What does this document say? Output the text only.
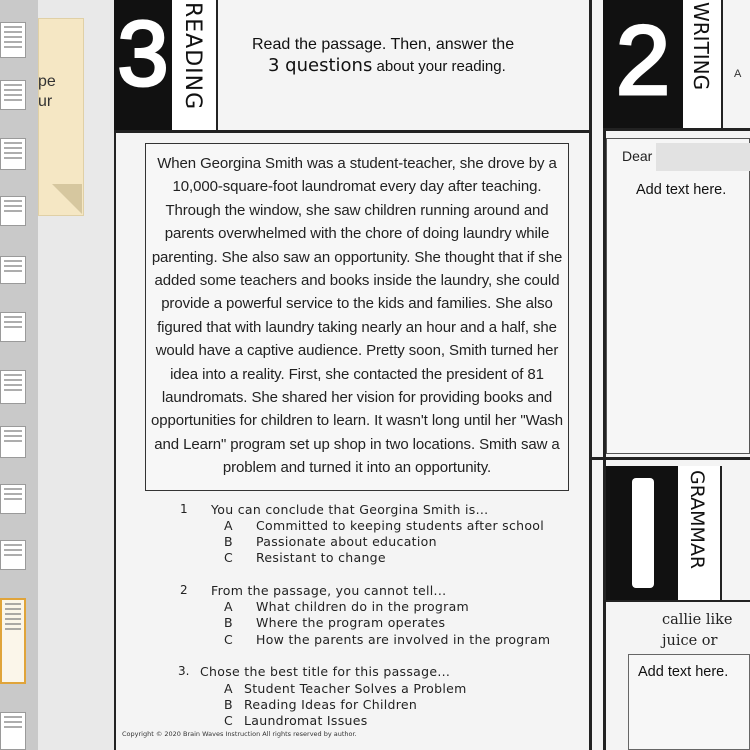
pe
ur 3 READING	Read the passage. Then, answer the
3 questions about your reading.
When Georgina Smith was a student-teacher, she drove by a 10,000-square-foot laundromat every day after teaching. Through the window, she saw children running around and parents overwhelmed with the chore of doing laundry while parenting. She also saw an opportunity. She thought that if she added some teachers and books inside the laundry, she could provide a powerful service to the kids and families. She also figured that with laundry taking nearly an hour and a half, she would have a captive audience. Pretty soon, Smith turned her idea into a reality. First, she contacted the president of 81 laundromats. She shared her vision for providing books and opportunities for children to learn. It wasn't long until her "Wash and Learn" program set up shop in two locations. Smith saw a problem and turned it into an opportunity.
1 You can conclude that Georgina Smith is...
A Committed to keeping students after school
B Passionate about education
C Resistant to change
2 From the passage, you cannot tell...
A What children do in the program
B Where the program operates
C How the parents are involved in the program
3. Chose the best title for this passage...
A Student Teacher Solves a Problem
B Reading Ideas for Children
C Laundromat Issues
Copyright © 2020 Brain Waves Instruction All rights reserved by author.
2 WRITING A
Dear
Add text here.
GRAMMAR
callie like
juice or
Add text here.
